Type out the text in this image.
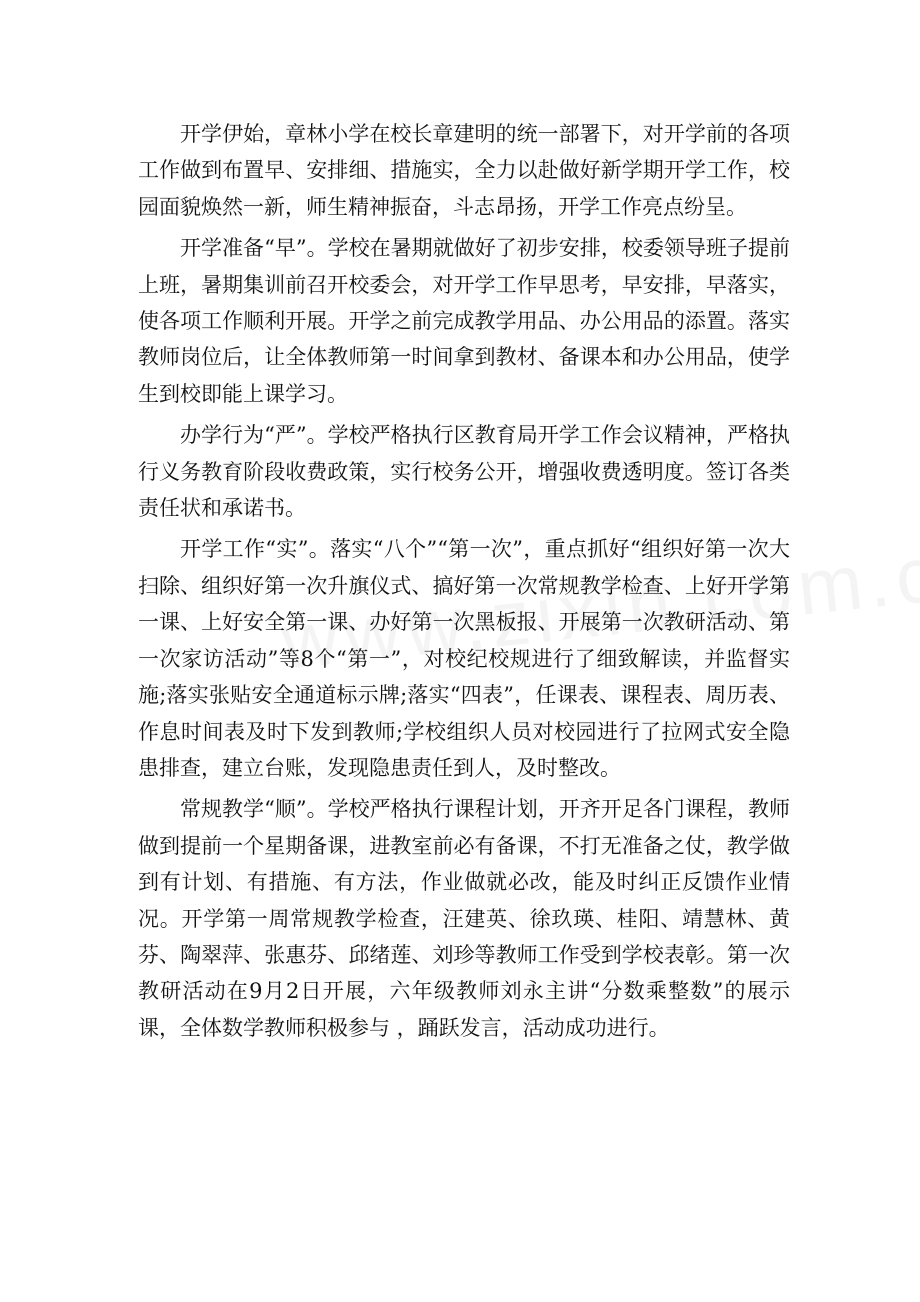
开学伊始，章林小学在校长章建明的统一部署下，对开学前的各项工作做到布置早、安排细、措施实，全力以赴做好新学期开学工作，校园面貌焕然一新，师生精神振奋，斗志昂扬，开学工作亮点纷呈。

开学准备“早”。学校在暑期就做好了初步安排，校委领导班子提前上班，暑期集训前召开校委会，对开学工作早思考，早安排，早落实，使各项工作顺利开展。开学之前完成教学用品、办公用品的添置。落实教师岗位后，让全体教师第一时间拿到教材、备课本和办公用品，使学生到校即能上课学习。

办学行为“严”。学校严格执行区教育局开学工作会议精神，严格执行义务教育阶段收费政策，实行校务公开，增强收费透明度。签订各类责任状和承诺书。

开学工作“实”。落实“八个”“第一次”，重点抓好“组织好第一次大扫除、组织好第一次升旗仪式、搞好第一次常规教学检查、上好开学第一课、上好安全第一课、办好第一次黑板报、开展第一次教研活动、第一次家访活动”等8个“第一”，对校纪校规进行了细致解读，并监督实施;落实张贴安全通道标示牌;落实“四表”，任课表、课程表、周历表、作息时间表及时下发到教师;学校组织人员对校园进行了拉网式安全隐患排查，建立台账，发现隐患责任到人，及时整改。

常规教学“顺”。学校严格执行课程计划，开齐开足各门课程，教师做到提前一个星期备课，进教室前必有备课，不打无准备之仗，教学做到有计划、有措施、有方法，作业做就必改，能及时纠正反馈作业情况。开学第一周常规教学检查，汪建英、徐玖瑛、桂阳、靖慧林、黄芬、陶翠萍、张惠芬、邱绪莲、刘珍等教师工作受到学校表彰。第一次教研活动在9月2日开展，六年级教师刘永主讲“分数乘整数”的展示课，全体数学教师积极参与 ，踊跃发言，活动成功进行。
